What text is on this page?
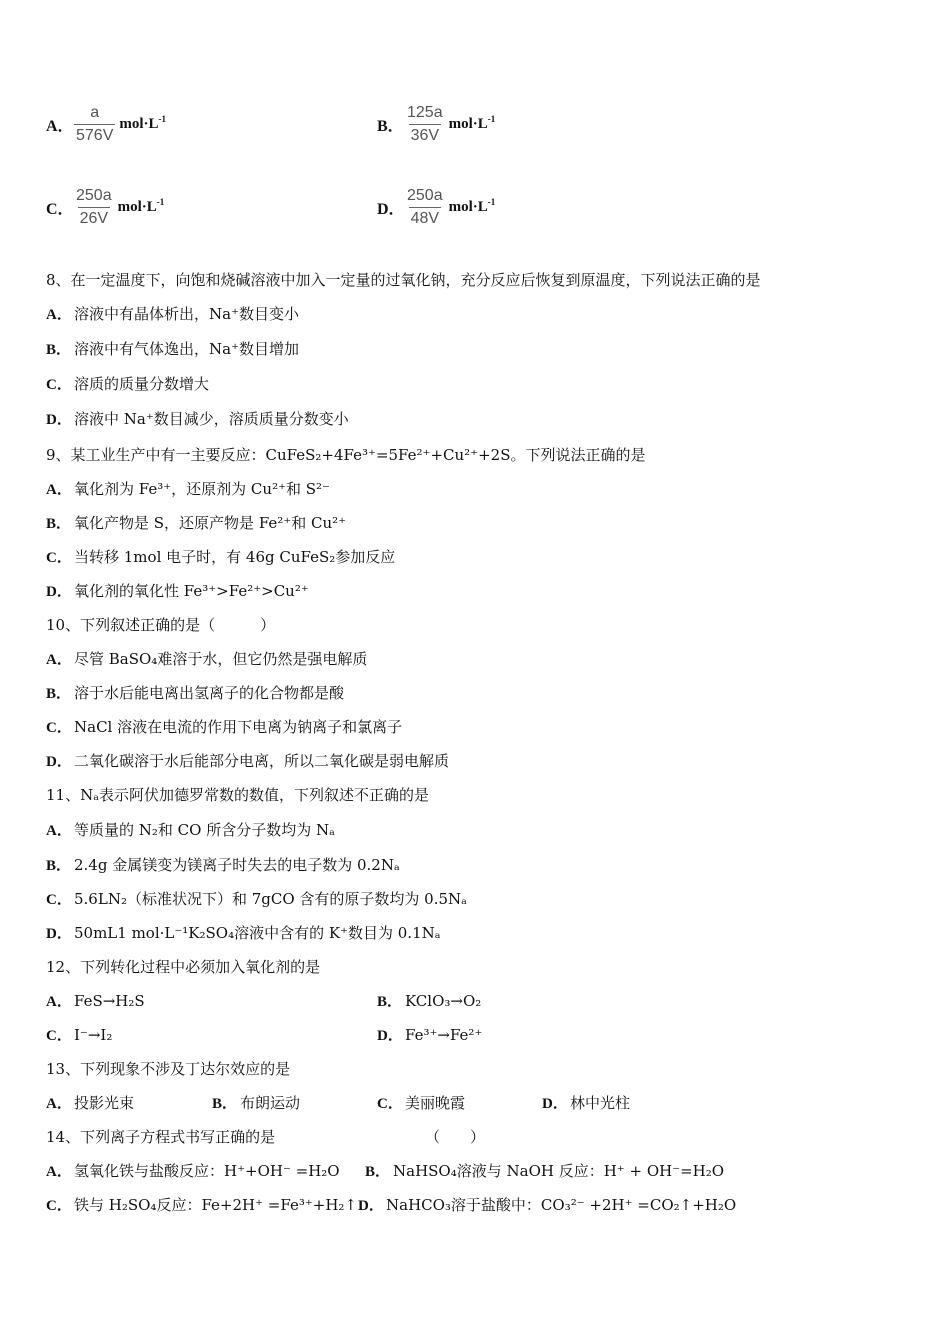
A． $\frac{a}{576V} mol\cdot L^{-1}$	B． $\frac{125a}{36V} mol\cdot L^{-1}$
C． $\frac{250a}{26V} mol\cdot L^{-1}$	D． $\frac{250a}{48V} mol\cdot L^{-1}$
8、在一定温度下，向饱和烧碱溶液中加入一定量的过氧化钠，充分反应后恢复到原温度，下列说法正确的是
A． 溶液中有晶体析出，Na⁺数目变小
B． 溶液中有气体逸出，Na⁺数目增加
C． 溶质的质量分数增大
D． 溶液中 Na⁺数目减少，溶质质量分数变小
9、某工业生产中有一主要反应：CuFeS₂+4Fe³⁺=5Fe²⁺+Cu²⁺+2S。下列说法正确的是
A． 氧化剂为 Fe³⁺，还原剂为 Cu²⁺和 S²⁻
B． 氧化产物是 S，还原产物是 Fe²⁺和 Cu²⁺
C． 当转移 1mol 电子时，有 46g CuFeS₂参加反应
D． 氧化剂的氧化性 Fe³⁺>Fe²⁺>Cu²⁺
10、下列叙述正确的是（　　　）
A． 尽管 BaSO₄难溶于水，但它仍然是强电解质
B． 溶于水后能电离出氢离子的化合物都是酸
C． NaCl 溶液在电流的作用下电离为钠离子和氯离子
D． 二氧化碳溶于水后能部分电离，所以二氧化碳是弱电解质
11、Nₐ表示阿伏加德罗常数的数值，下列叙述不正确的是
A． 等质量的 N₂和 CO 所含分子数均为 Nₐ
B． 2.4g 金属镁变为镁离子时失去的电子数为 0.2Nₐ
C． 5.6LN₂（标准状况下）和 7gCO 含有的原子数均为 0.5Nₐ
D． 50mL1 mol·L⁻¹K₂SO₄溶液中含有的 K⁺数目为 0.1Nₐ
12、下列转化过程中必须加入氧化剂的是
A． FeS→H₂S	B． KClO₃→O₂
C． I⁻→I₂	D． Fe³⁺→Fe²⁺
13、下列现象不涉及丁达尔效应的是
A． 投影光束	B． 布朗运动	C． 美丽晚霞	D． 林中光柱
14、下列离子方程式书写正确的是	（　　）
A． 氢氧化铁与盐酸反应：H⁺+OH⁻ =H₂O B． NaHSO₄溶液与 NaOH 反应：H⁺ + OH⁻=H₂O
C． 铁与 H₂SO₄反应：Fe+2H⁺ =Fe³⁺+H₂↑ D． NaHCO₃溶于盐酸中：CO₃²⁻ +2H⁺ =CO₂↑+H₂O
